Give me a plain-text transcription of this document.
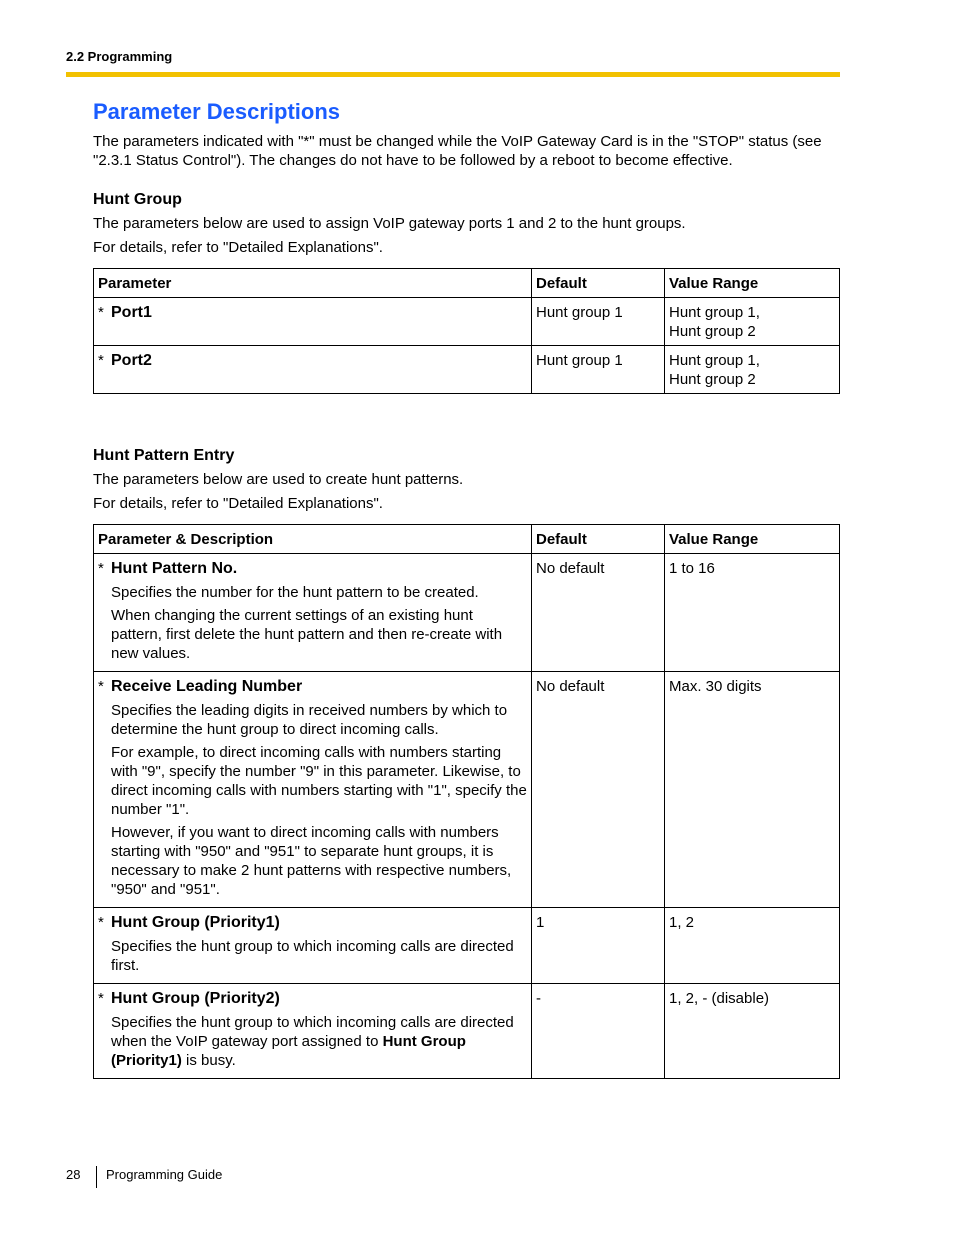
2.2 Programming
Parameter Descriptions

The parameters indicated with "*" must be changed while the VoIP Gateway Card is in the "STOP" status (see "2.3.1 Status Control"). The changes do not have to be followed by a reboot to become effective.

Hunt Group

The parameters below are used to assign VoIP gateway ports 1 and 2 to the hunt groups.

For details, refer to "Detailed Explanations".

Parameter	Default	Value Range
* Port1	Hunt group 1	Hunt group 1,
Hunt group 2

* Port2	Hunt group 1	Hunt group 1,
Hunt group 2
Hunt Pattern Entry

The parameters below are used to create hunt patterns.

For details, refer to "Detailed Explanations".

Parameter & Description	Default	Value Range
* Hunt Pattern No.

Specifies the number for the hunt pattern to be created.

When changing the current settings of an existing hunt pattern, first delete the hunt pattern and then re-create with new values.	No default	1 to 16
* Receive Leading Number

Specifies the leading digits in received numbers by which to determine the hunt group to direct incoming calls.

For example, to direct incoming calls with numbers starting with "9", specify the number "9" in this parameter. Likewise, to direct incoming calls with numbers starting with "1", specify the number "1".

However, if you want to direct incoming calls with numbers starting with "950" and "951" to separate hunt groups, it is necessary to make 2 hunt patterns with respective numbers, "950" and "951".	No default	Max. 30 digits
* Hunt Group (Priority1)

Specifies the hunt group to which incoming calls are directed first.	1	1, 2
* Hunt Group (Priority2)

Specifies the hunt group to which incoming calls are directed when the VoIP gateway port assigned to Hunt Group (Priority1) is busy.	-	1, 2, - (disable)
28 Programming Guide
